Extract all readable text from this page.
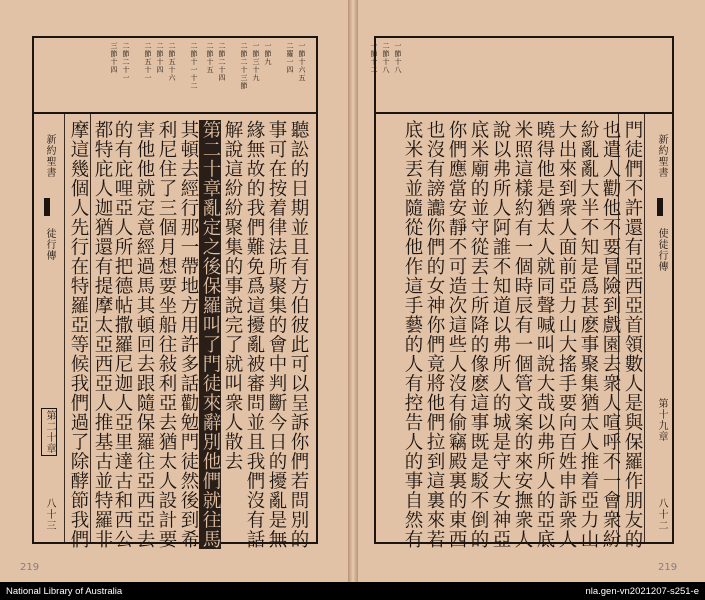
一節十六五
二羅一四
一節九
一節三十九
二節二十三節
二節二十四
二節十五
二節十一十二
二節五十六
二節十四
二節五十一
二節二十一
三節十四
聽訟的日期並且有方伯彼此可以呈訴你們若問別的
事可在按着律法所聚集的會中判斷今日的擾亂是無
緣無故的我們難免爲這擾亂被審問並且我們沒有話
解說這紛紛聚集的事說完了就叫衆人散去
第二十章亂定之後保羅叫了門徒來辭別他們就往馬
其頓去經行那一帶地方用許多話勸勉門徒然後到希
利尼住了三個月想要坐船往敍利亞去猶太人設計要
害他他就定意經過馬其頓回去跟隨保羅往亞西亞去
的有庇哩亞人所把德帖撒羅尼迦人亞里達古和西公
都特庇人迦猶還有提摩太亞西亞人推基古並特羅非
摩這幾個人先行在特羅亞等候我們過了除酵節我們
新約聖書
徒行傳
第二十章
八十三
219
一節十八
二節十八
一節十二
新約聖書
使徒行傳
第十九章
八十二
門徒們不許還有亞西亞首領數人是與保羅作朋友的
也遣人勸他不要冒險到戲園去衆人喧呼不一會衆紛
紛亂亂大半不知是爲甚麽事聚集猶太人推着亞力山
大出來到衆人面前亞力山大搖手要向百姓申訴衆人
曉得他是猶太人就同聲喊叫說大哉以弗所人的亞底
米照這樣約有一個時辰有一個管文案的來安撫衆人
說以弗所人阿誰不知道以弗所人的城是守大女神亞
底米廟的並守從丟士所降的像麽這事既是駁不倒的
你們應當安靜不可造次這些人沒有偷竊殿裏的東西
也沒有謗讟你們的女神你們竟將他們拉到這裏來若
底米丟並隨從他作這手藝的人有控告人的事自然有
219
National Library of Australia	nla.gen-vn2021207-s251-e
